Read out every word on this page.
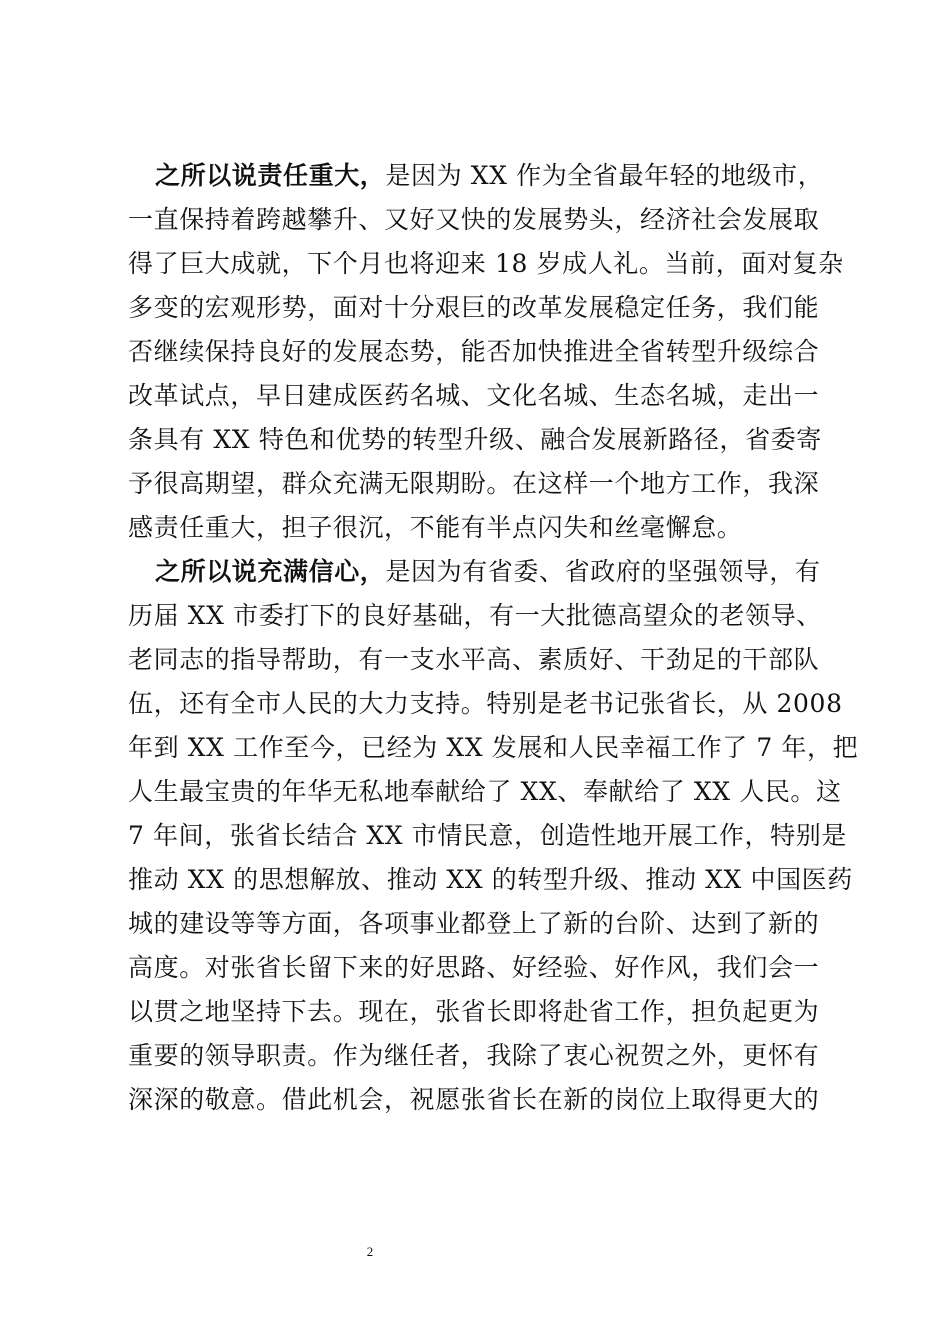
之所以说责任重大，是因为 XX 作为全省最年轻的地级市，
一直保持着跨越攀升、又好又快的发展势头，经济社会发展取
得了巨大成就，下个月也将迎来 18 岁成人礼。当前，面对复杂
多变的宏观形势，面对十分艰巨的改革发展稳定任务，我们能
否继续保持良好的发展态势，能否加快推进全省转型升级综合
改革试点，早日建成医药名城、文化名城、生态名城，走出一
条具有 XX 特色和优势的转型升级、融合发展新路径，省委寄
予很高期望，群众充满无限期盼。在这样一个地方工作，我深
感责任重大，担子很沉，不能有半点闪失和丝毫懈怠。
之所以说充满信心，是因为有省委、省政府的坚强领导，有
历届 XX 市委打下的良好基础，有一大批德高望众的老领导、
老同志的指导帮助，有一支水平高、素质好、干劲足的干部队
伍，还有全市人民的大力支持。特别是老书记张省长，从 2008
年到 XX 工作至今，已经为 XX 发展和人民幸福工作了 7 年，把
人生最宝贵的年华无私地奉献给了 XX、奉献给了 XX 人民。这
7 年间，张省长结合 XX 市情民意，创造性地开展工作，特别是
推动 XX 的思想解放、推动 XX 的转型升级、推动 XX 中国医药
城的建设等等方面，各项事业都登上了新的台阶、达到了新的
高度。对张省长留下来的好思路、好经验、好作风，我们会一
以贯之地坚持下去。现在，张省长即将赴省工作，担负起更为
重要的领导职责。作为继任者，我除了衷心祝贺之外，更怀有
深深的敬意。借此机会，祝愿张省长在新的岗位上取得更大的
2
